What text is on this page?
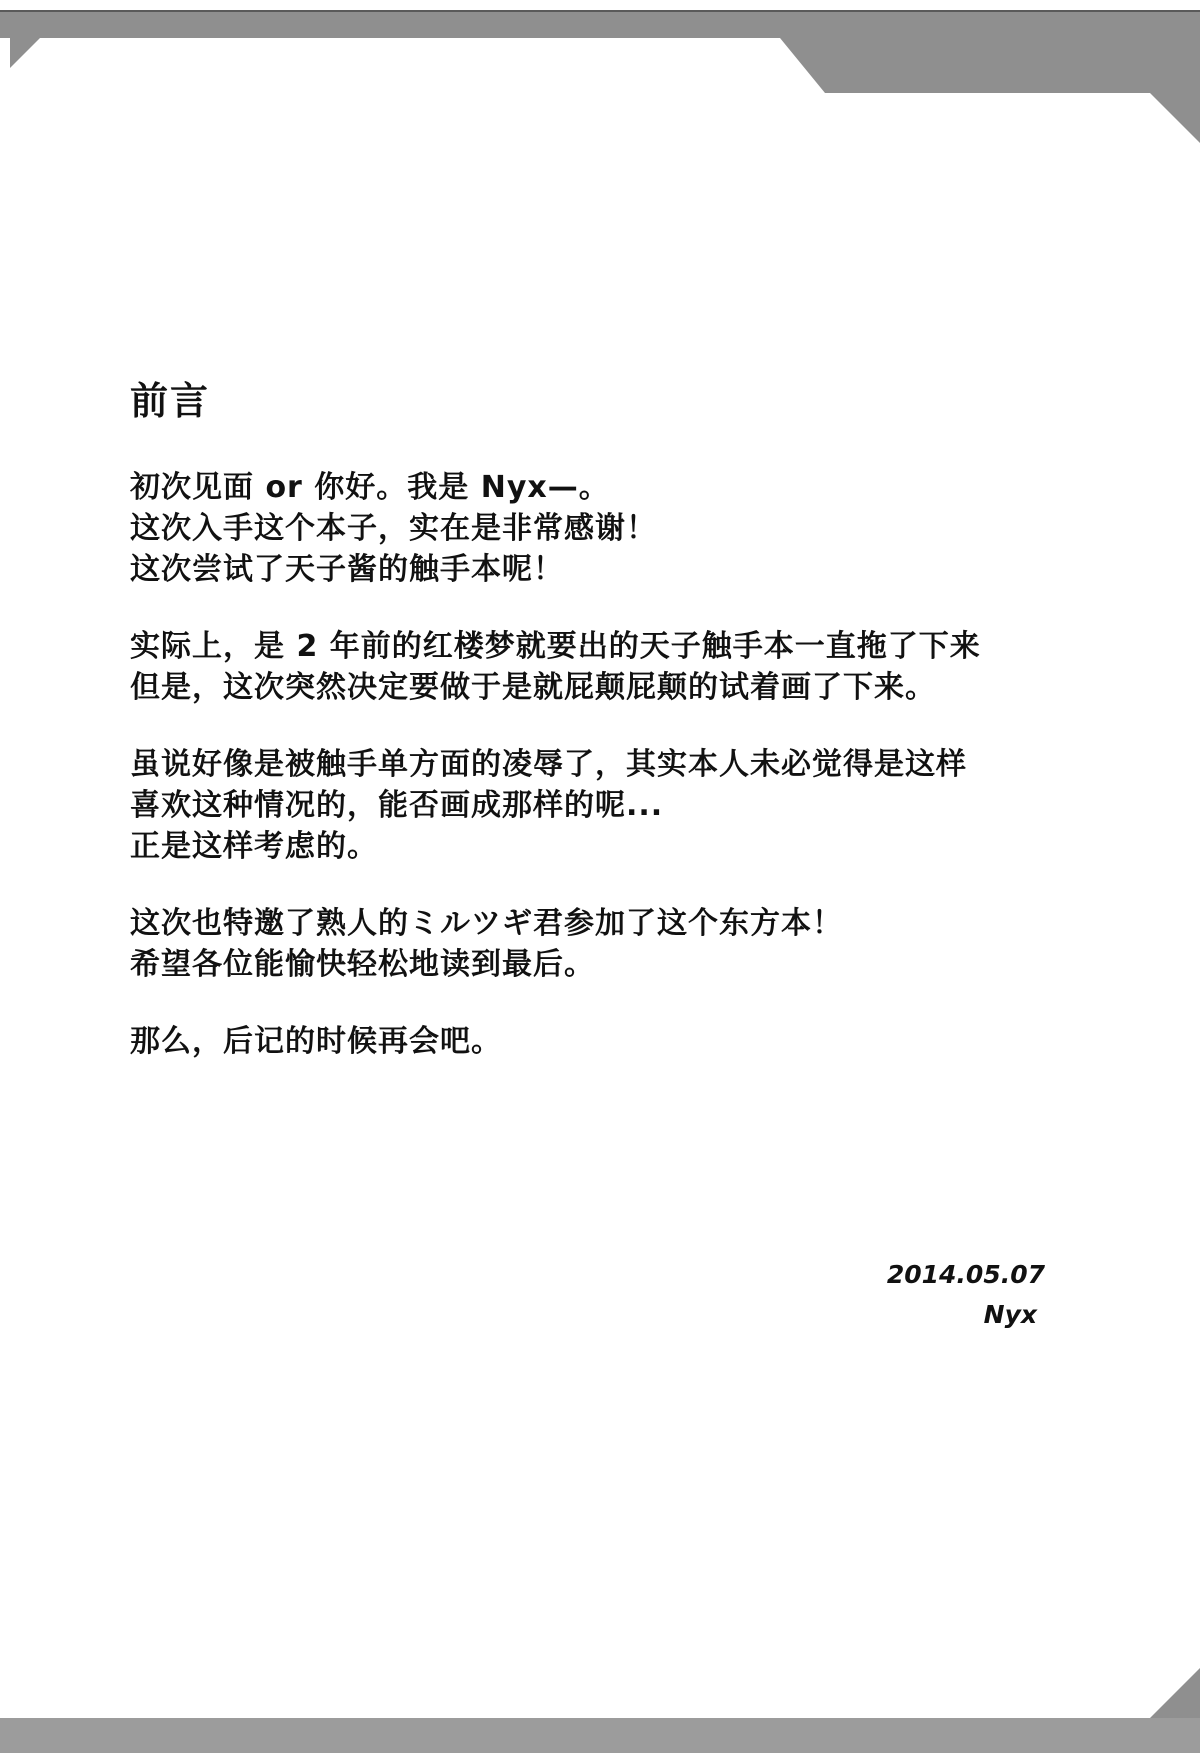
前言
初次见面 or 你好。我是 Nyx—。
这次入手这个本子，实在是非常感谢！
这次尝试了天子酱的触手本呢！
实际上，是 2 年前的红楼梦就要出的天子触手本一直拖了下来
但是，这次突然决定要做于是就屁颠屁颠的试着画了下来。
虽说好像是被触手单方面的凌辱了，其实本人未必觉得是这样
喜欢这种情况的，能否画成那样的呢...
正是这样考虑的。
这次也特邀了熟人的ミルツギ君参加了这个东方本！
希望各位能愉快轻松地读到最后。
那么，后记的时候再会吧。
2014.05.07
Nyx
